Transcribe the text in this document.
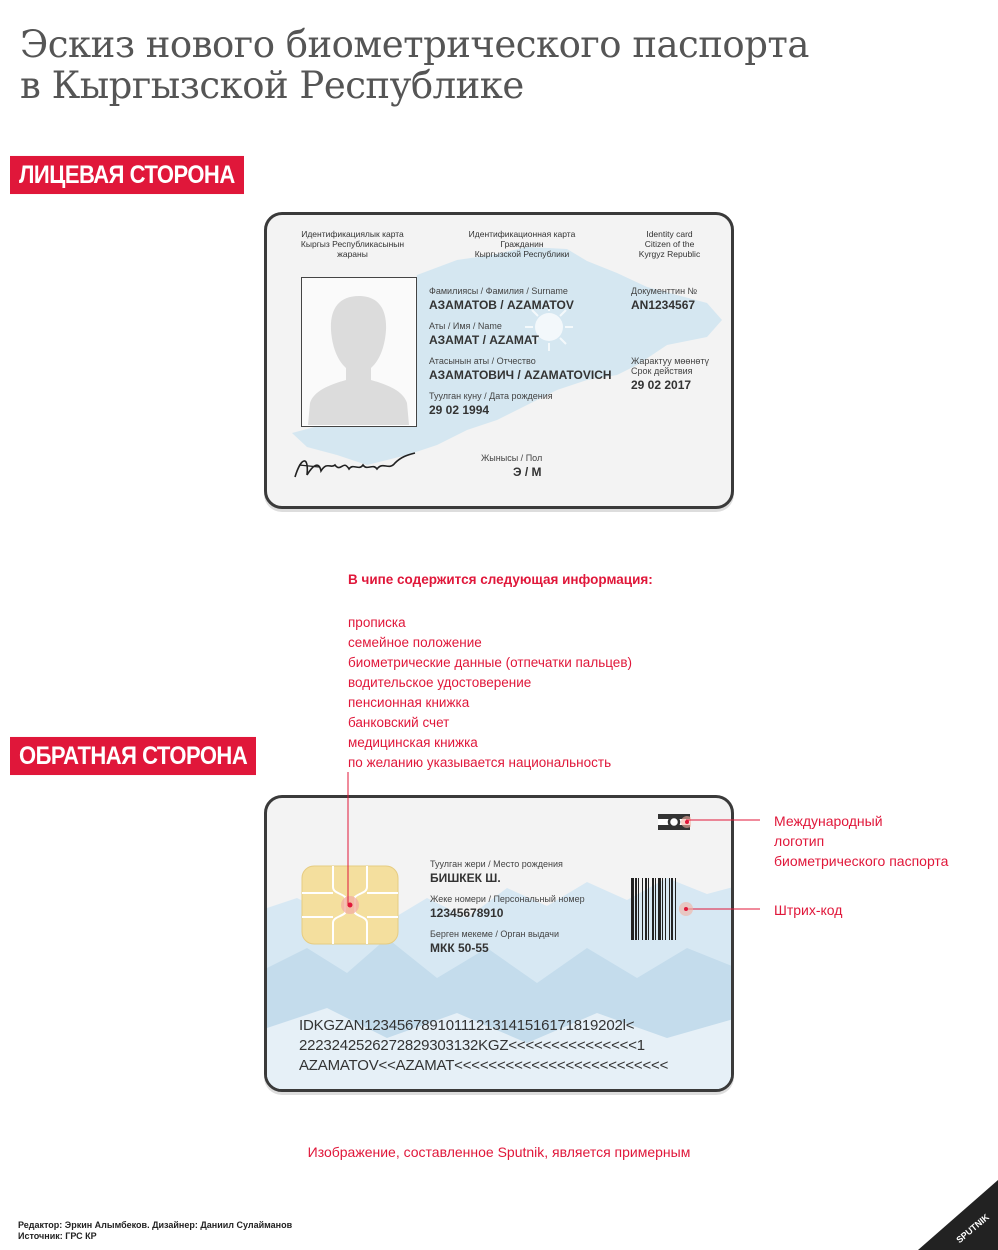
Эскиз нового биометрического паспорта
в Кыргызской Республике
ЛИЦЕВАЯ СТОРОНА
Идентификациялык карта
Кыргыз Республикасынын
жараны
Идентификационная карта
Гражданин
Кыргызской Республики
Identity card
Citizen of the
Kyrgyz Republic
Фамилиясы / Фамилия / Surname
АЗАМАТОВ / AZAMATOV
Аты / Имя / Name
АЗАМАТ / AZAMAT
Атасынын аты / Отчество
АЗАМАТОВИЧ / AZAMATOVICH
Туулган куну / Дата рождения
29 02 1994
Документтин №
AN1234567
Жарактуу мөөнөтү
Срок действия
29 02 2017
Жынысы / Пол
Э / M
В чипе содержится следующая информация:
прописка
семейное положение
биометрические данные (отпечатки пальцев)
водительское удостоверение
пенсионная книжка
банковский счет
медицинская книжка
по желанию указывается национальность
ОБРАТНАЯ СТОРОНА
Туулган жери / Место рождения
БИШКЕК Ш.
Жеке номери / Персональный номер
12345678910
Берген мекеме / Орган выдачи
МКК 50-55
IDKGZAN12345678910111213141516171819202l<
2223242526272829303132KGZ<<<<<<<<<<<<<<<1
AZAMATOV<<AZAMAT<<<<<<<<<<<<<<<<<<<<<<<<<
Международный
логотип
биометрического паспорта
Штрих-код
Изображение, составленное Sputnik, является примерным
Редактор: Эркин Алымбеков. Дизайнер: Даниил Сулайманов
Источник: ГРС КР	SPUTNIK
